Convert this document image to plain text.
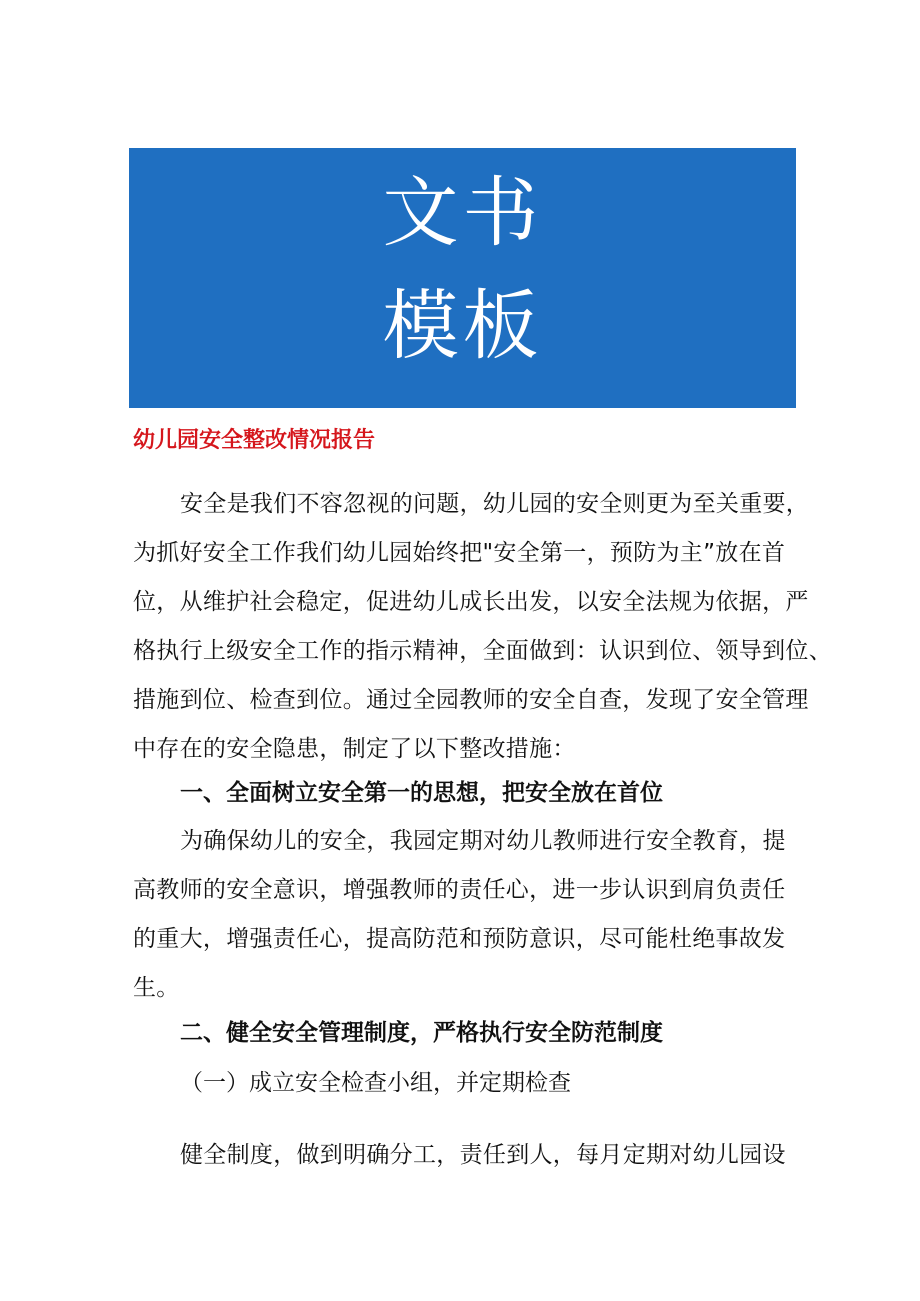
文书
模板
幼儿园安全整改情况报告
安全是我们不容忽视的问题，幼儿园的安全则更为至关重要，
为抓好安全工作我们幼儿园始终把"安全第一，预防为主”放在首
位，从维护社会稳定，促进幼儿成长出发，以安全法规为依据，严
格执行上级安全工作的指示精神，全面做到：认识到位、领导到位、
措施到位、检查到位。通过全园教师的安全自查，发现了安全管理
中存在的安全隐患，制定了以下整改措施：
一、全面树立安全第一的思想，把安全放在首位
为确保幼儿的安全，我园定期对幼儿教师进行安全教育，提
高教师的安全意识，增强教师的责任心，进一步认识到肩负责任
的重大，增强责任心，提高防范和预防意识，尽可能杜绝事故发
生。
二、健全安全管理制度，严格执行安全防范制度
（一）成立安全检查小组，并定期检查
健全制度，做到明确分工，责任到人，每月定期对幼儿园设
